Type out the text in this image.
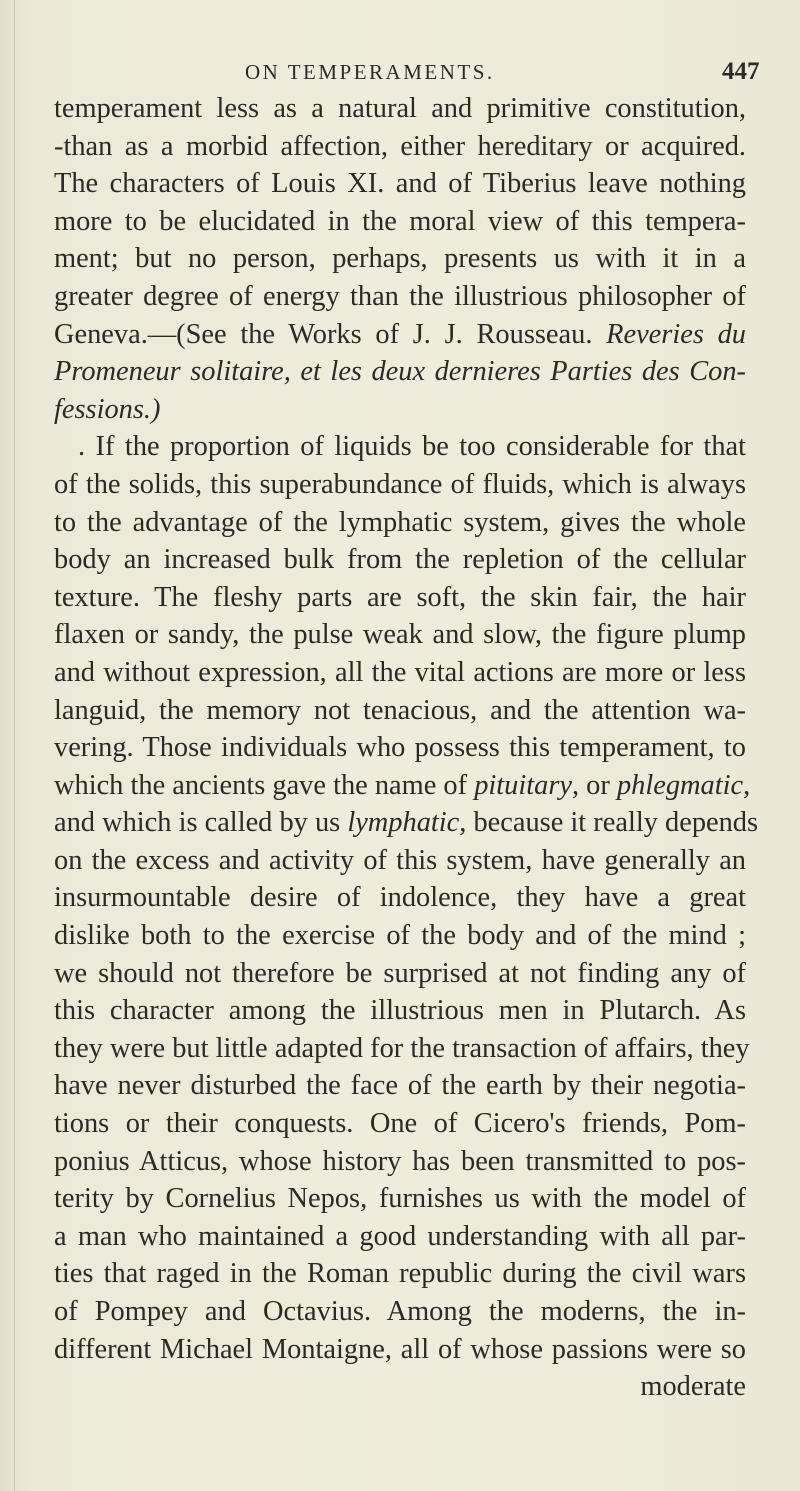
ON TEMPERAMENTS.	447
temperament less as a natural and primitive constitution,
-than as a morbid affection, either hereditary or acquired.
The characters of Louis XI. and of Tiberius leave nothing
more to be elucidated in the moral view of this tempera-
ment; but no person, perhaps, presents us with it in a
greater degree of energy than the illustrious philosopher of
Geneva.—(See the Works of J. J. Rousseau. Reveries du
Promeneur solitaire, et les deux dernieres Parties des Con-
fessions.)
. If the proportion of liquids be too considerable for that
of the solids, this superabundance of fluids, which is always
to the advantage of the lymphatic system, gives the whole
body an increased bulk from the repletion of the cellular
texture. The fleshy parts are soft, the skin fair, the hair
flaxen or sandy, the pulse weak and slow, the figure plump
and without expression, all the vital actions are more or less
languid, the memory not tenacious, and the attention wa-
vering. Those individuals who possess this temperament, to
which the ancients gave the name of pituitary, or phlegmatic,
and which is called by us lymphatic, because it really depends
on the excess and activity of this system, have generally an
insurmountable desire of indolence, they have a great
dislike both to the exercise of the body and of the mind ;
we should not therefore be surprised at not finding any of
this character among the illustrious men in Plutarch. As
they were but little adapted for the transaction of affairs, they
have never disturbed the face of the earth by their negotia-
tions or their conquests. One of Cicero's friends, Pom-
ponius Atticus, whose history has been transmitted to pos-
terity by Cornelius Nepos, furnishes us with the model of
a man who maintained a good understanding with all par-
ties that raged in the Roman republic during the civil wars
of Pompey and Octavius. Among the moderns, the in-
different Michael Montaigne, all of whose passions were so
moderate
